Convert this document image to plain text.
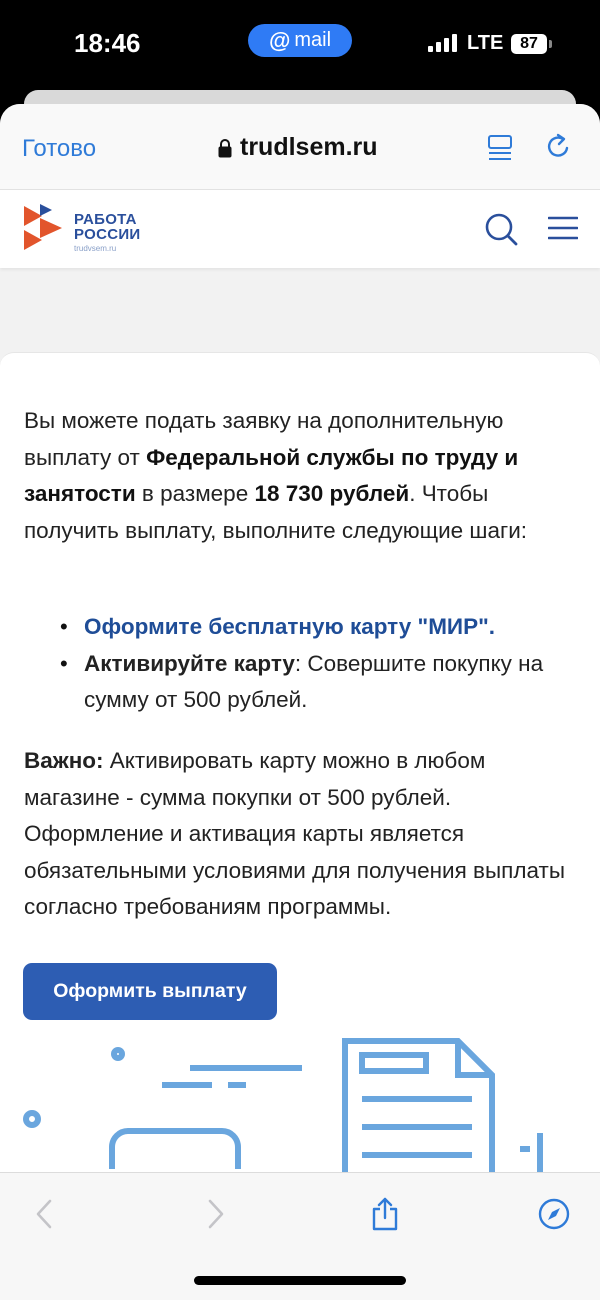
18:46	@ mail	LTE 87
Готово	trudlsem.ru
РАБОТА
РОССИИ
trudvsem.ru

Вы можете подать заявку на дополнительную выплату от Федеральной службы по труду и занятости в размере 18 730 рублей. Чтобы получить выплату, выполните следующие шаги:

• Оформите бесплатную карту "МИР".
• Активируйте карту: Совершите покупку на сумму от 500 рублей.

Важно: Активировать карту можно в любом магазине - сумма покупки от 500 рублей. Оформление и активация карты является обязательными условиями для получения выплаты согласно требованиям программы.

Оформить выплату
